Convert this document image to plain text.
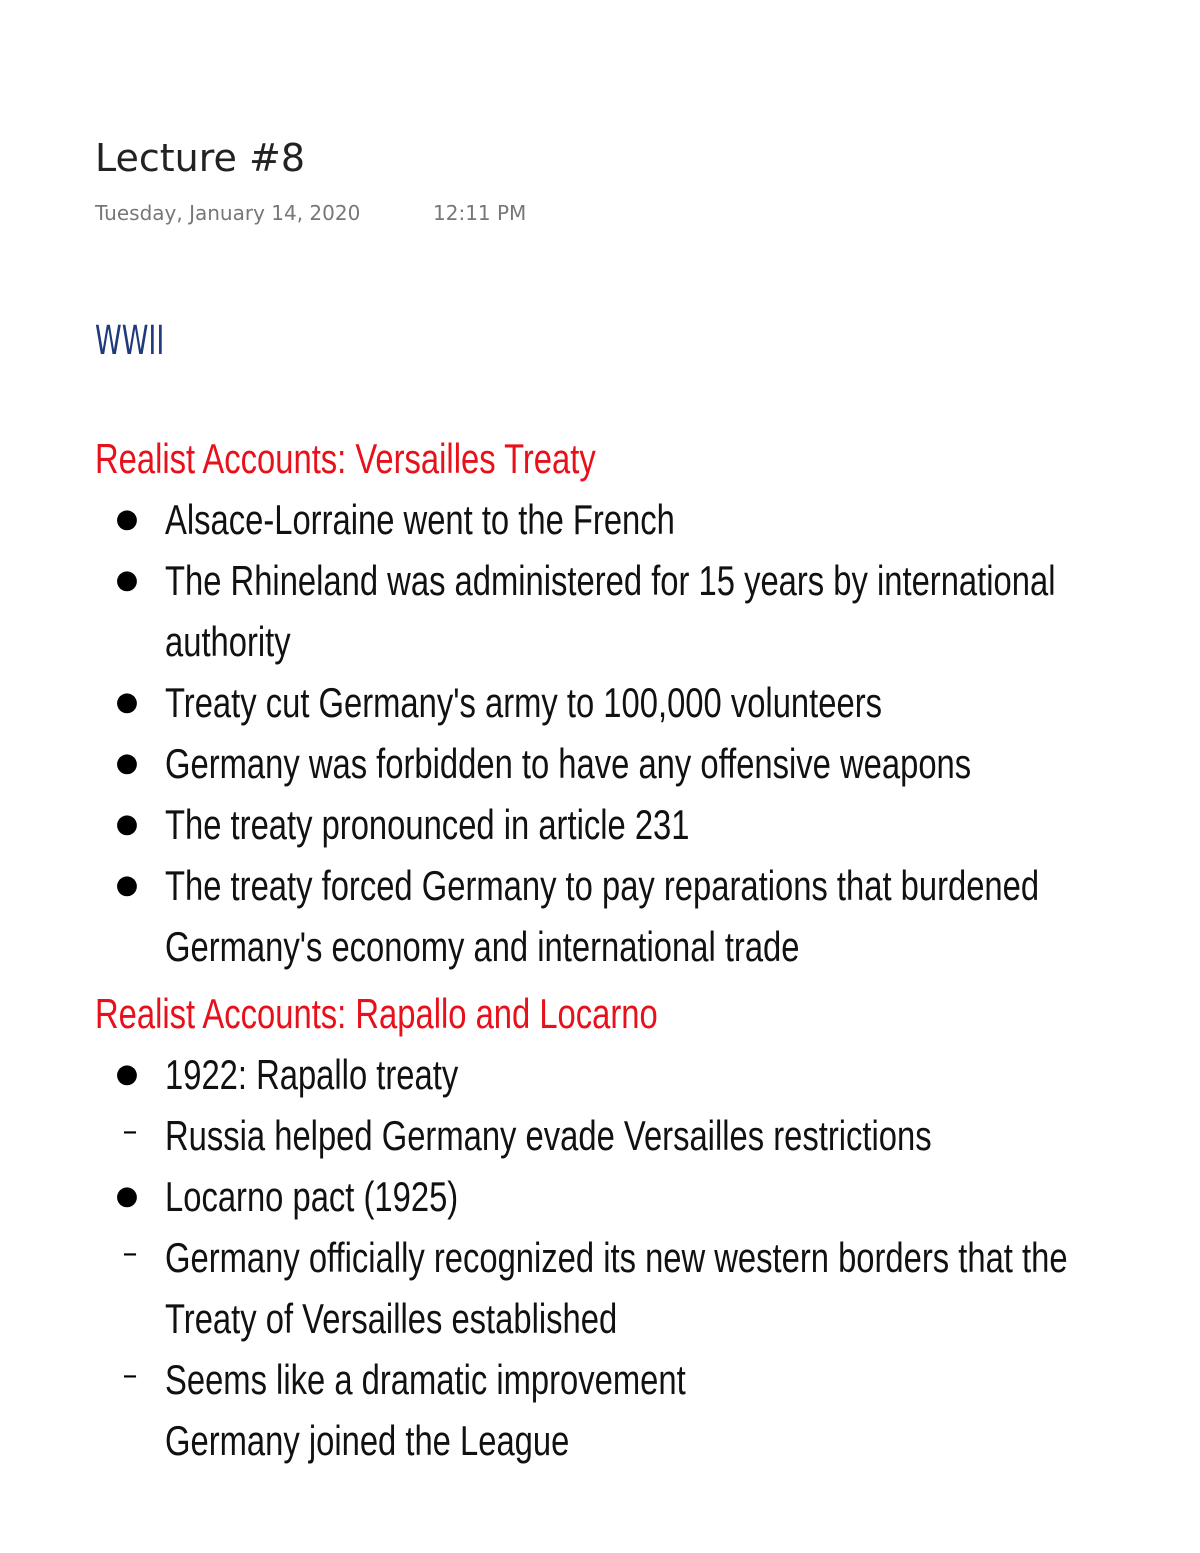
Lecture #8
Tuesday, January 14, 2020	12:11 PM
WWII
Realist Accounts: Versailles Treaty
● Alsace-Lorraine went to the French
● The Rhineland was administered for 15 years by international
authority
● Treaty cut Germany's army to 100,000 volunteers
● Germany was forbidden to have any offensive weapons
● The treaty pronounced in article 231
● The treaty forced Germany to pay reparations that burdened
Germany's economy and international trade
Realist Accounts: Rapallo and Locarno
● 1922: Rapallo treaty
– Russia helped Germany evade Versailles restrictions
● Locarno pact (1925)
– Germany officially recognized its new western borders that the
Treaty of Versailles established
– Seems like a dramatic improvement
Germany joined the League
